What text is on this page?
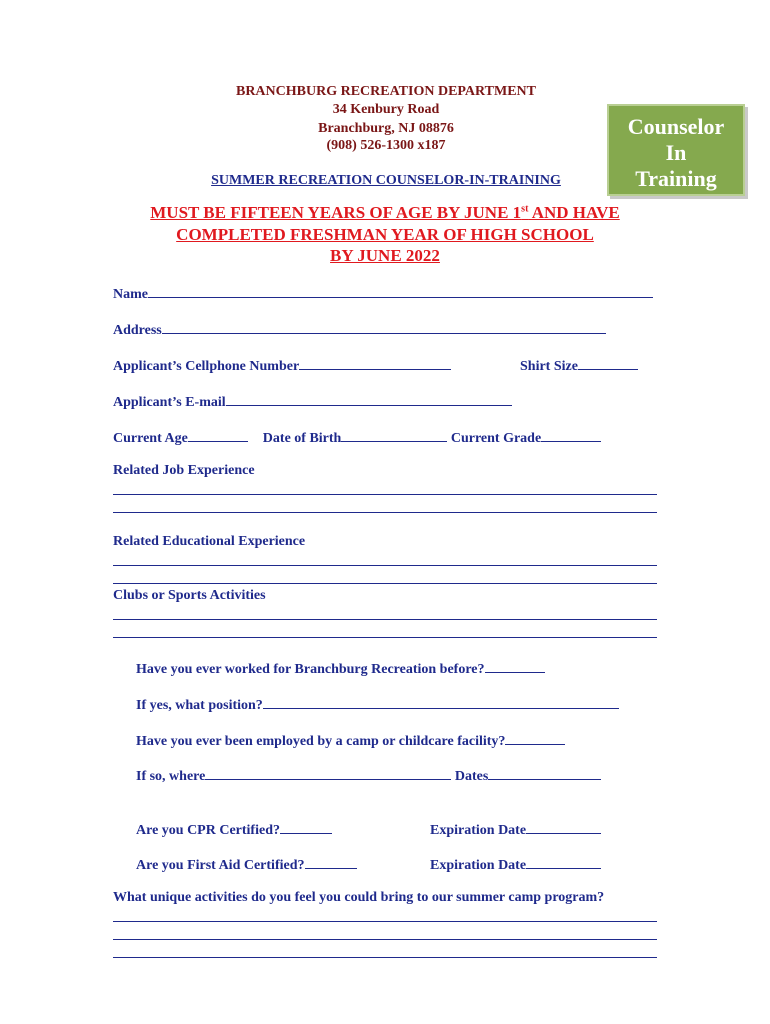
BRANCHBURG RECREATION DEPARTMENT
34 Kenbury Road
Branchburg, NJ 08876
(908) 526-1300 x187
SUMMER RECREATION COUNSELOR-IN-TRAINING
Counselor
In
Training
MUST BE FIFTEEN YEARS OF AGE BY JUNE 1st AND HAVE
COMPLETED FRESHMAN YEAR OF HIGH SCHOOL
BY JUNE 2022
Name
Address
Applicant’s Cellphone Number	Shirt Size
Applicant’s E-mail
Current Age	Date of Birth	Current Grade
Related Job Experience
Related Educational Experience
Clubs or Sports Activities
Have you ever worked for Branchburg Recreation before?
If yes, what position?
Have you ever been employed by a camp or childcare facility?
If so, where	Dates
Are you CPR Certified?	Expiration Date
Are you First Aid Certified?	Expiration Date
What unique activities do you feel you could bring to our summer camp program?
